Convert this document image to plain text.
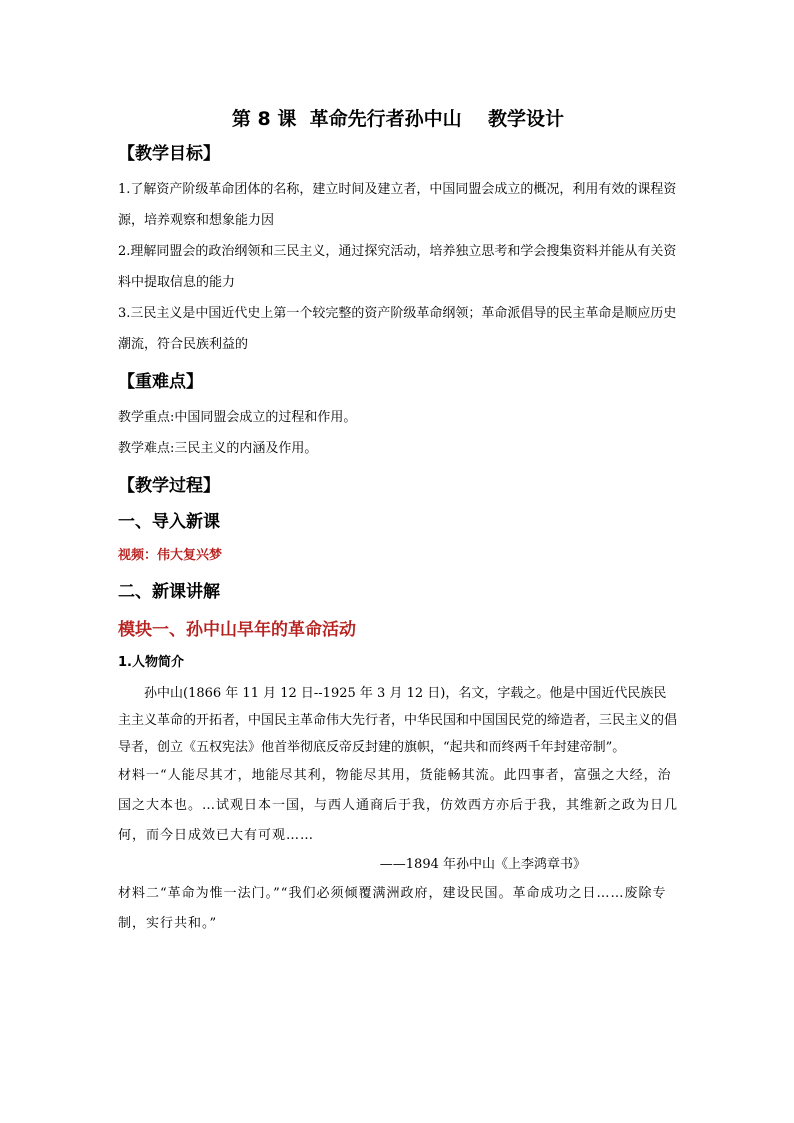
第 8 课  革命先行者孙中山    教学设计
【教学目标】

1.了解资产阶级革命团体的名称，建立时间及建立者，中国同盟会成立的概况，利用有效的课程资源，培养观察和想象能力因

2.理解同盟会的政治纲领和三民主义，通过探究活动，培养独立思考和学会搜集资料并能从有关资料中提取信息的能力

3.三民主义是中国近代史上第一个较完整的资产阶级革命纲领；革命派倡导的民主革命是顺应历史潮流，符合民族利益的

【重难点】

教学重点:中国同盟会成立的过程和作用。

教学难点:三民主义的内涵及作用。

【教学过程】
一、导入新课
视频：伟大复兴梦
二、新课讲解
模块一、孙中山早年的革命活动
1.人物简介

孙中山(1866 年 11 月 12 日--1925 年 3 月 12 日)，名文，字载之。他是中国近代民族民主主义革命的开拓者，中国民主革命伟大先行者，中华民国和中国国民党的缔造者，三民主义的倡导者，创立《五权宪法》他首举彻底反帝反封建的旗帜，“起共和而终两千年封建帝制”。

材料一“人能尽其才，地能尽其利，物能尽其用，货能畅其流。此四事者，富强之大经，治国之大本也。…试观日本一国，与西人通商后于我，仿效西方亦后于我，其维新之政为日几何，而今日成效已大有可观……

——1894 年孙中山《上李鸿章书》

材料二“革命为惟一法门。”“我们必须倾覆满洲政府，建设民国。革命成功之日……废除专制，实行共和。”
